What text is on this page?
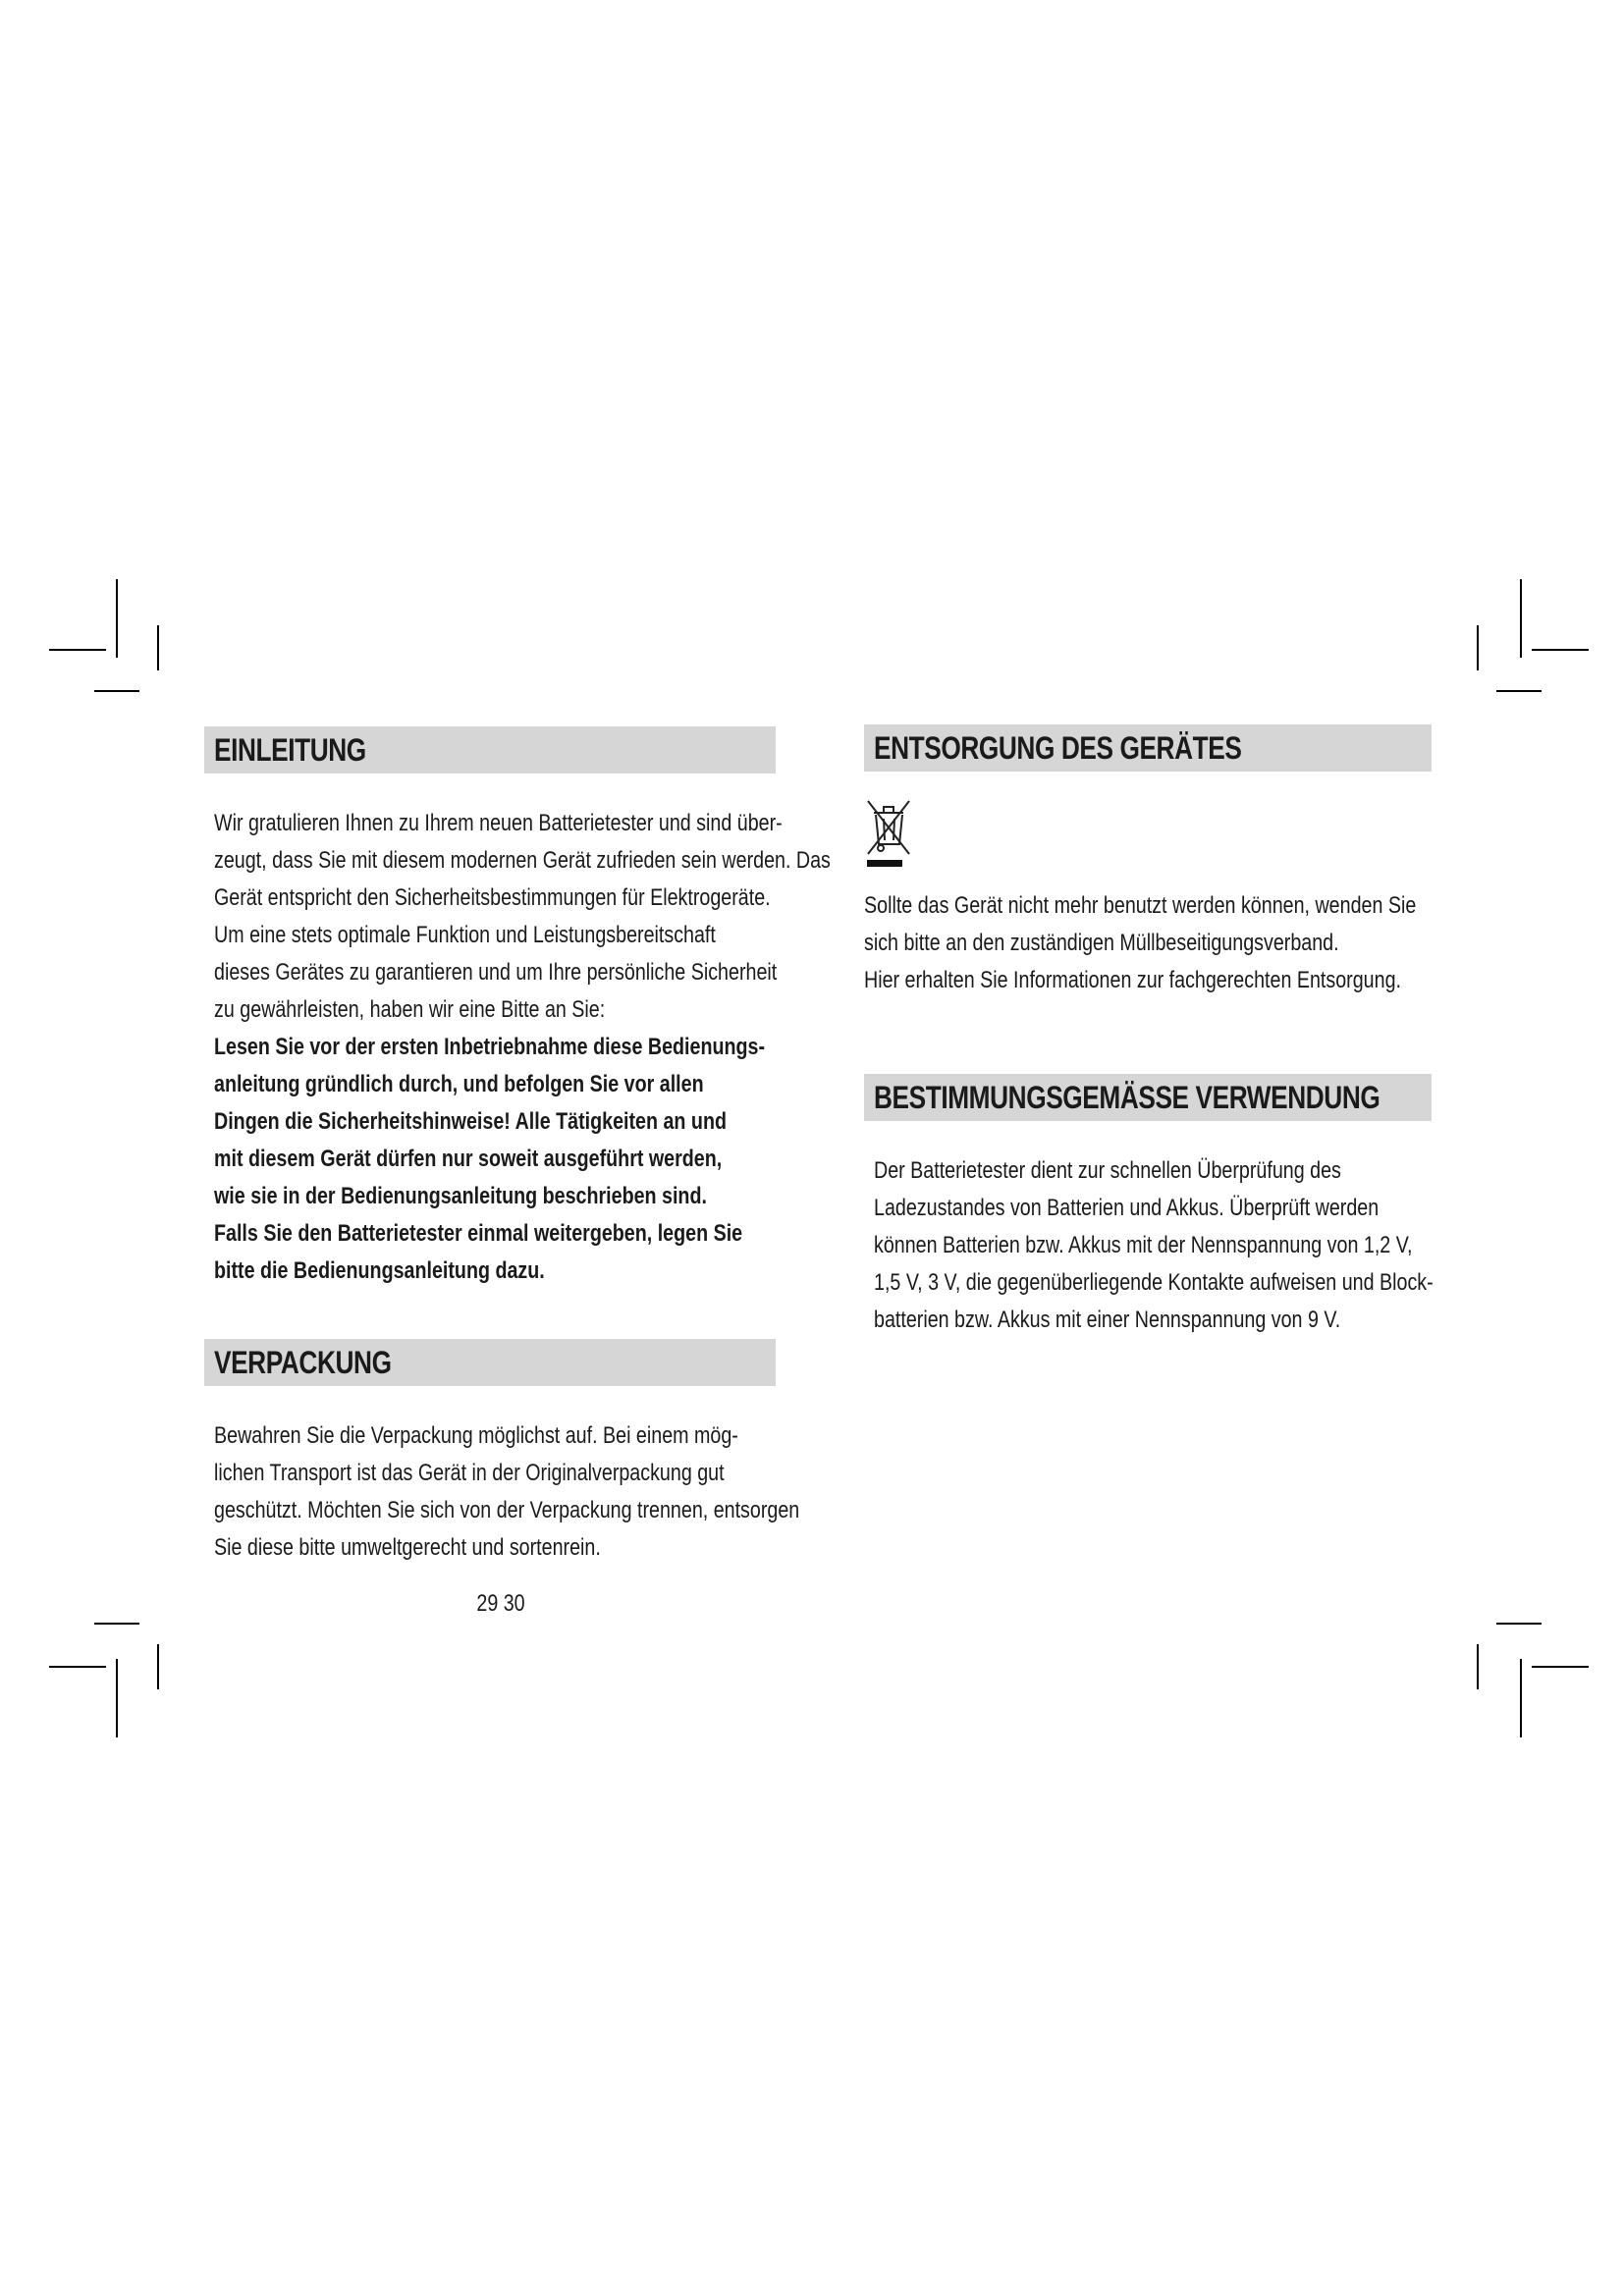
EINLEITUNG
Wir gratulieren Ihnen zu Ihrem neuen Batterietester und sind über-
zeugt, dass Sie mit diesem modernen Gerät zufrieden sein werden. Das
Gerät entspricht den Sicherheitsbestimmungen für Elektrogeräte.
Um eine stets optimale Funktion und Leistungsbereitschaft
dieses Gerätes zu garantieren und um Ihre persönliche Sicherheit
zu gewährleisten, haben wir eine Bitte an Sie:
Lesen Sie vor der ersten Inbetriebnahme diese Bedienungs-
anleitung gründlich durch, und befolgen Sie vor allen
Dingen die Sicherheitshinweise! Alle Tätigkeiten an und
mit diesem Gerät dürfen nur soweit ausgeführt werden,
wie sie in der Bedienungsanleitung beschrieben sind.
Falls Sie den Batterietester einmal weitergeben, legen Sie
bitte die Bedienungsanleitung dazu.
VERPACKUNG
Bewahren Sie die Verpackung möglichst auf. Bei einem mög-
lichen Transport ist das Gerät in der Originalverpackung gut
geschützt. Möchten Sie sich von der Verpackung trennen, entsorgen
Sie diese bitte umweltgerecht und sortenrein.
ENTSORGUNG DES GERÄTES
Sollte das Gerät nicht mehr benutzt werden können, wenden Sie
sich bitte an den zuständigen Müllbeseitigungsverband.
Hier erhalten Sie Informationen zur fachgerechten Entsorgung.
BESTIMMUNGSGEMÄSSE VERWENDUNG
Der Batterietester dient zur schnellen Überprüfung des
Ladezustandes von Batterien und Akkus. Überprüft werden
können Batterien bzw. Akkus mit der Nennspannung von 1,2 V,
1,5 V, 3 V, die gegenüberliegende Kontakte aufweisen und Block-
batterien bzw. Akkus mit einer Nennspannung von 9 V.
29 30
